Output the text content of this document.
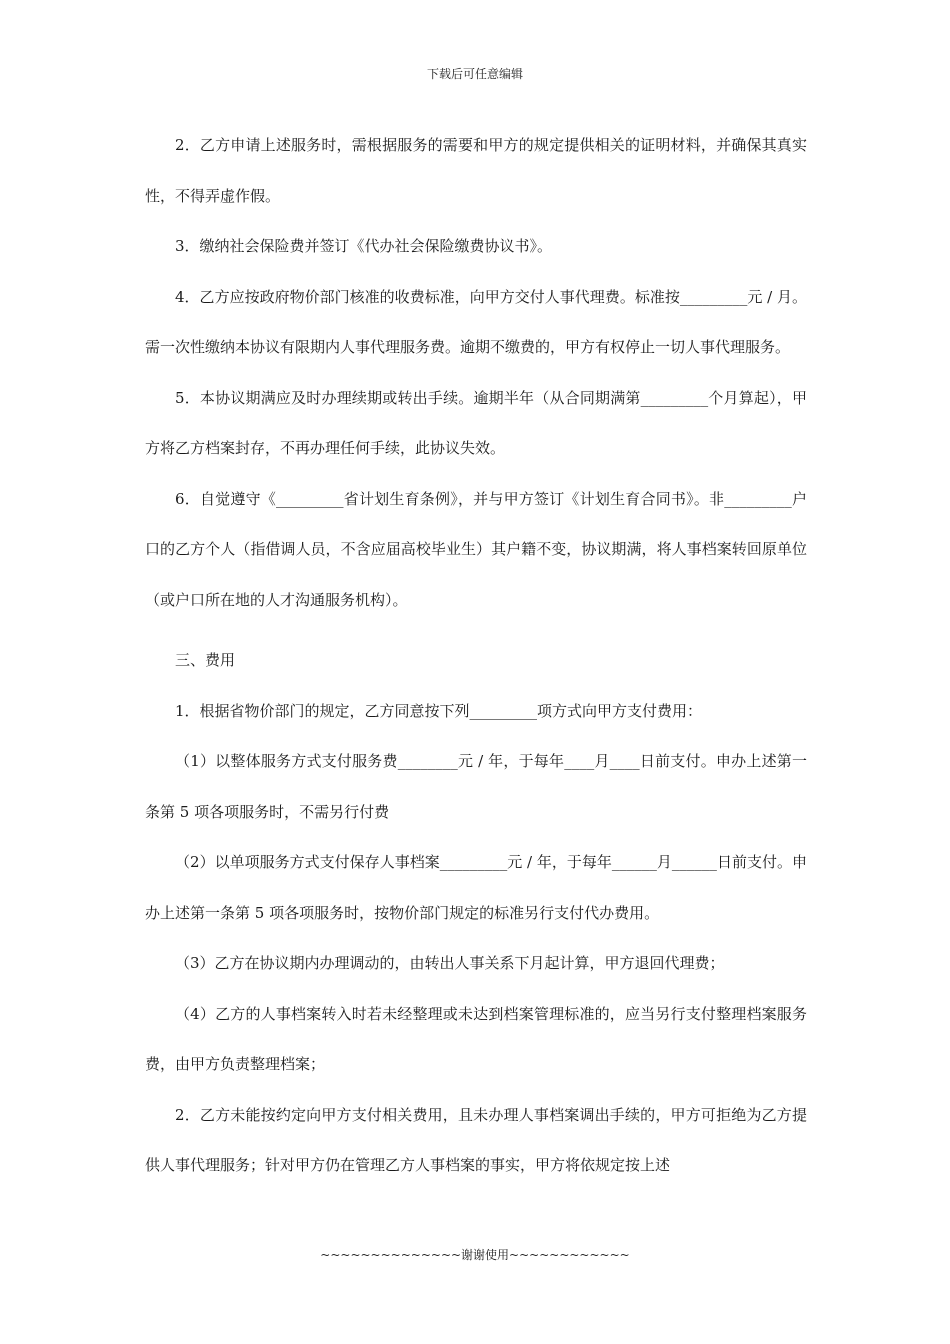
下载后可任意编辑

2．乙方申请上述服务时，需根据服务的需要和甲方的规定提供相关的证明材料，并确保其真实性，不得弄虚作假。

3．缴纳社会保险费并签订《代办社会保险缴费协议书》。

4．乙方应按政府物价部门核准的收费标准，向甲方交付人事代理费。标准按_________元 / 月。需一次性缴纳本协议有限期内人事代理服务费。逾期不缴费的，甲方有权停止一切人事代理服务。

5．本协议期满应及时办理续期或转出手续。逾期半年（从合同期满第_________个月算起），甲方将乙方档案封存，不再办理任何手续，此协议失效。

6．自觉遵守《_________省计划生育条例》，并与甲方签订《计划生育合同书》。非_________户口的乙方个人（指借调人员，不含应届高校毕业生）其户籍不变，协议期满，将人事档案转回原单位（或户口所在地的人才沟通服务机构）。

三、费用

1．根据省物价部门的规定，乙方同意按下列_________项方式向甲方支付费用：

（1）以整体服务方式支付服务费________元 / 年，于每年____月____日前支付。申办上述第一条第 5 项各项服务时，不需另行付费

（2）以单项服务方式支付保存人事档案_________元 / 年，于每年______月______日前支付。申办上述第一条第 5 项各项服务时，按物价部门规定的标准另行支付代办费用。

（3）乙方在协议期内办理调动的，由转出人事关系下月起计算，甲方退回代理费；

（4）乙方的人事档案转入时若未经整理或未达到档案管理标准的，应当另行支付整理档案服务费，由甲方负责整理档案；

2．乙方未能按约定向甲方支付相关费用，且未办理人事档案调出手续的，甲方可拒绝为乙方提供人事代理服务；针对甲方仍在管理乙方人事档案的事实，甲方将依规定按上述

~~~~~~~~~~~~~~谢谢使用~~~~~~~~~~~~
